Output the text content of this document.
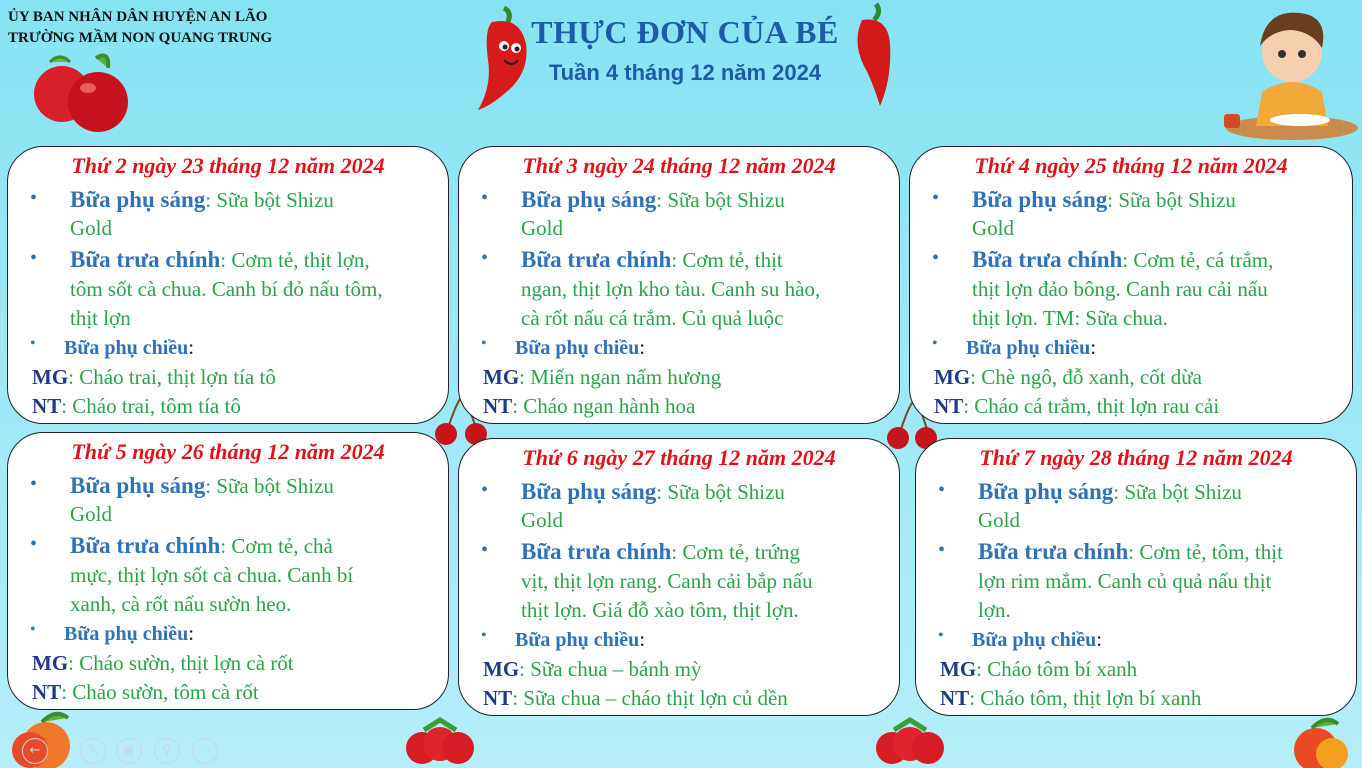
ỦY BAN NHÂN DÂN HUYỆN AN LÃO
TRƯỜNG MẦM NON QUANG TRUNG	THỰC ĐƠN CỦA BÉ
Tuần 4 tháng 12 năm 2024
←	✎	▣	⚲	⋯
Thứ 2 ngày 23 tháng 12 năm 2024
• Bữa phụ sáng: Sữa bột Shizu
Gold
• Bữa trưa chính: Cơm tẻ, thịt lợn,
tôm sốt cà chua. Canh bí đỏ nấu tôm,
thịt lợn
• Bữa phụ chiều:
MG: Cháo trai, thịt lợn tía tô
NT: Cháo trai, tôm tía tô
Thứ 3 ngày 24 tháng 12 năm 2024
• Bữa phụ sáng: Sữa bột Shizu
Gold
• Bữa trưa chính: Cơm tẻ, thịt
ngan, thịt lợn kho tàu. Canh su hào,
cà rốt nấu cá trắm. Củ quả luộc
• Bữa phụ chiều:
MG: Miến ngan nấm hương
NT: Cháo ngan hành hoa
Thứ 4 ngày 25 tháng 12 năm 2024
• Bữa phụ sáng: Sữa bột Shizu
Gold
• Bữa trưa chính: Cơm tẻ, cá trắm,
thịt lợn đảo bông. Canh rau cải nấu
thịt lợn. TM: Sữa chua.
• Bữa phụ chiều:
MG: Chè ngô, đỗ xanh, cốt dừa
NT: Cháo cá trắm, thịt lợn rau cải
Thứ 5 ngày 26 tháng 12 năm 2024
• Bữa phụ sáng: Sữa bột Shizu
Gold
• Bữa trưa chính: Cơm tẻ, chả
mực, thịt lợn sốt cà chua. Canh bí
xanh, cà rốt nấu sườn heo.
• Bữa phụ chiều:
MG: Cháo sườn, thịt lợn cà rốt
NT: Cháo sườn, tôm cà rốt
Thứ 6 ngày 27 tháng 12 năm 2024
• Bữa phụ sáng: Sữa bột Shizu
Gold
• Bữa trưa chính: Cơm tẻ, trứng
vịt, thịt lợn rang. Canh cải bắp nấu
thịt lợn. Giá đỗ xào tôm, thịt lợn.
• Bữa phụ chiều:
MG: Sữa chua – bánh mỳ
NT: Sữa chua – cháo thịt lợn củ dền
Thứ 7 ngày 28 tháng 12 năm 2024
• Bữa phụ sáng: Sữa bột Shizu
Gold
• Bữa trưa chính: Cơm tẻ, tôm, thịt
lợn rim mắm. Canh củ quả nấu thịt
lợn.
• Bữa phụ chiều:
MG: Cháo tôm bí xanh
NT: Cháo tôm, thịt lợn bí xanh
